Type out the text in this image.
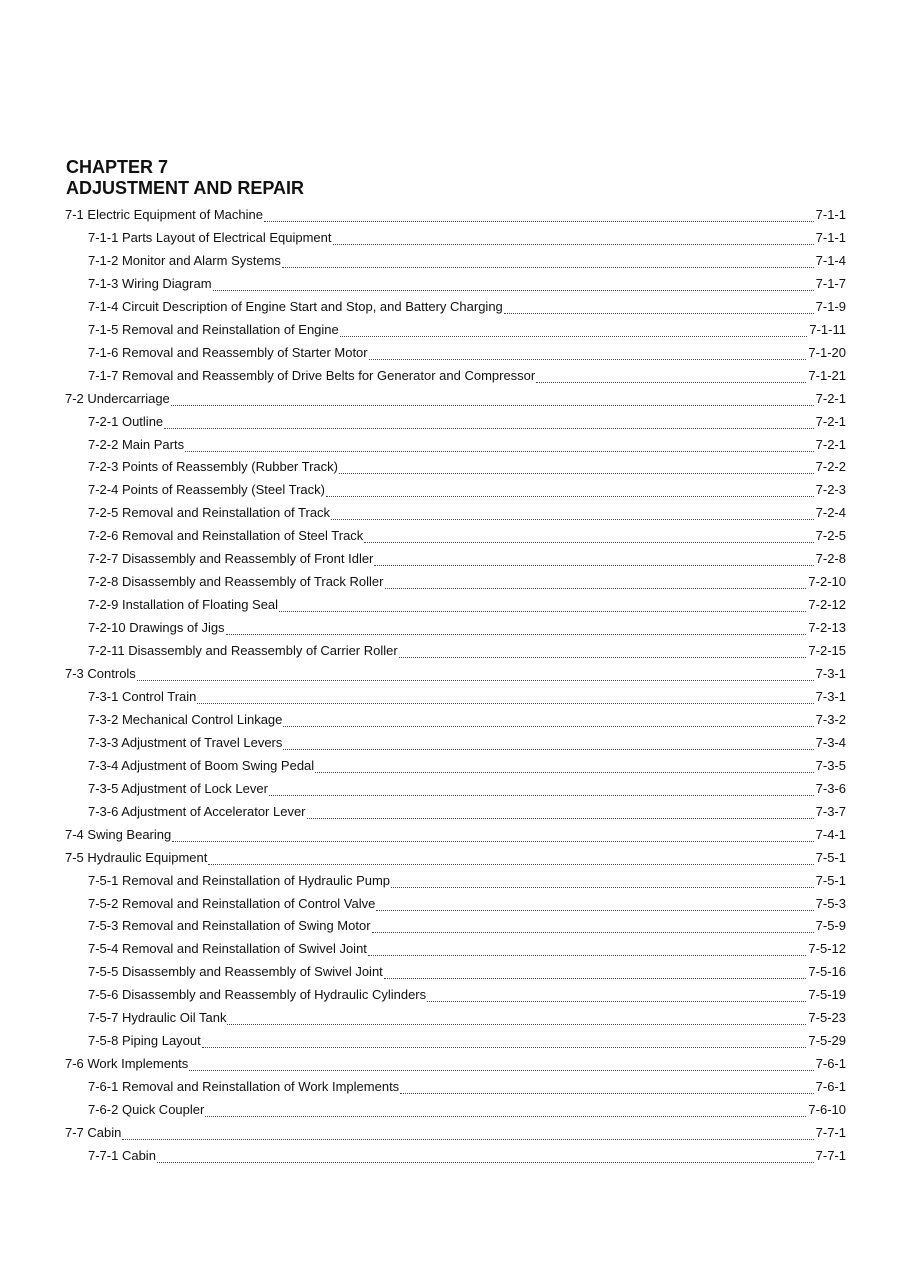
CHAPTER 7
ADJUSTMENT AND REPAIR
7-1 Electric Equipment of Machine	7-1-1
7-1-1 Parts Layout of Electrical Equipment	7-1-1
7-1-2 Monitor and Alarm Systems	7-1-4
7-1-3 Wiring Diagram	7-1-7
7-1-4 Circuit Description of Engine Start and Stop, and Battery Charging	7-1-9
7-1-5 Removal and Reinstallation of Engine	7-1-11
7-1-6 Removal and Reassembly of Starter Motor	7-1-20
7-1-7 Removal and Reassembly of Drive Belts for Generator and Compressor	7-1-21
7-2 Undercarriage	7-2-1
7-2-1 Outline	7-2-1
7-2-2 Main Parts	7-2-1
7-2-3 Points of Reassembly (Rubber Track)	7-2-2
7-2-4 Points of Reassembly (Steel Track)	7-2-3
7-2-5 Removal and Reinstallation of Track	7-2-4
7-2-6 Removal and Reinstallation of Steel Track	7-2-5
7-2-7 Disassembly and Reassembly of Front Idler	7-2-8
7-2-8 Disassembly and Reassembly of Track Roller	7-2-10
7-2-9 Installation of Floating Seal	7-2-12
7-2-10 Drawings of Jigs	7-2-13
7-2-11 Disassembly and Reassembly of Carrier Roller	7-2-15
7-3 Controls	7-3-1
7-3-1 Control Train	7-3-1
7-3-2 Mechanical Control Linkage	7-3-2
7-3-3 Adjustment of Travel Levers	7-3-4
7-3-4 Adjustment of Boom Swing Pedal	7-3-5
7-3-5 Adjustment of Lock Lever	7-3-6
7-3-6 Adjustment of Accelerator Lever	7-3-7
7-4 Swing Bearing	7-4-1
7-5 Hydraulic Equipment	7-5-1
7-5-1 Removal and Reinstallation of Hydraulic Pump	7-5-1
7-5-2 Removal and Reinstallation of Control Valve	7-5-3
7-5-3 Removal and Reinstallation of Swing Motor	7-5-9
7-5-4 Removal and Reinstallation of Swivel Joint	7-5-12
7-5-5 Disassembly and Reassembly of Swivel Joint	7-5-16
7-5-6 Disassembly and Reassembly of Hydraulic Cylinders	7-5-19
7-5-7 Hydraulic Oil Tank	7-5-23
7-5-8 Piping Layout	7-5-29
7-6 Work Implements	7-6-1
7-6-1 Removal and Reinstallation of Work Implements	7-6-1
7-6-2 Quick Coupler	7-6-10
7-7 Cabin	7-7-1
7-7-1 Cabin	7-7-1
